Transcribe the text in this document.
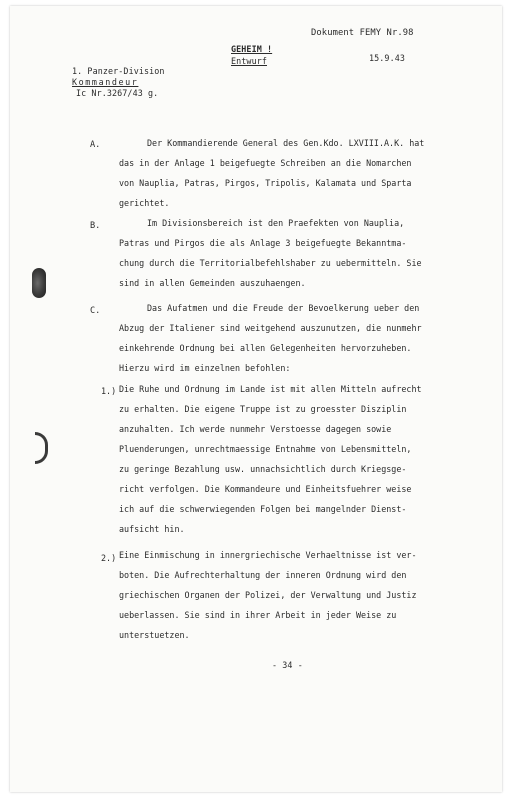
Dokument FEMY Nr.98
GEHEIM !
Entwurf	15.9.43
1. Panzer-Division
Kommandeur
Ic Nr.3267/43 g.
A.	Der Kommandierende General des Gen.Kdo. LXVIII.A.K. hat
das in der Anlage 1 beigefuegte Schreiben an die Nomarchen
von Nauplia, Patras, Pirgos, Tripolis, Kalamata und Sparta
gerichtet.
B.	Im Divisionsbereich ist den Praefekten von Nauplia,
Patras und Pirgos die als Anlage 3 beigefuegte Bekanntma-
chung durch die Territorialbefehlshaber zu uebermitteln. Sie
sind in allen Gemeinden auszuhaengen.
C.	Das Aufatmen und die Freude der Bevoelkerung ueber den
Abzug der Italiener sind weitgehend auszunutzen, die nunmehr
einkehrende Ordnung bei allen Gelegenheiten hervorzuheben.
Hierzu wird im einzelnen befohlen:
1.) Die Ruhe und Ordnung im Lande ist mit allen Mitteln aufrecht
zu erhalten. Die eigene Truppe ist zu groesster Disziplin
anzuhalten. Ich werde nunmehr Verstoesse dagegen sowie
Pluenderungen, unrechtmaessige Entnahme von Lebensmitteln,
zu geringe Bezahlung usw. unnachsichtlich durch Kriegsge-
richt verfolgen. Die Kommandeure und Einheitsfuehrer weise
ich auf die schwerwiegenden Folgen bei mangelnder Dienst-
aufsicht hin.
2.) Eine Einmischung in innergriechische Verhaeltnisse ist ver-
boten. Die Aufrechterhaltung der inneren Ordnung wird den
griechischen Organen der Polizei, der Verwaltung und Justiz
ueberlassen. Sie sind in ihrer Arbeit in jeder Weise zu
unterstuetzen.
- 34 -
